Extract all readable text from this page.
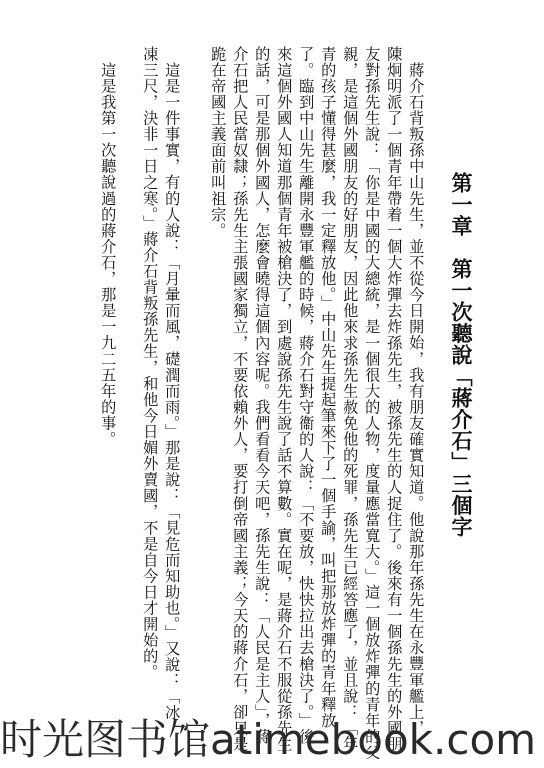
第一章　第一次聽說「蔣介石」三個字
蔣介石背叛孫中山先生，並不從今日開始，我有朋友確實知道。他說那年孫先生在永豐軍艦上，
陳炯明派了一個青年帶着一個大炸彈去炸孫先生，被孫先生的人捉住了。後來有一個孫先生的外國朋
友對孫先生說：「你是中國的大總統，是一個很大的人物，度量應當寬大。」這一個放炸彈的青年的父
親，是這個外國朋友的好朋友，因此他來求孫先生赦免他的死罪，孫先生已經答應了，並且說：「年
青的孩子懂得甚麼，我一定釋放他。」中山先生提起筆來下了一個手諭，叫把那放炸彈的青年釋放
了。臨到中山先生離開永豐軍艦的時候，蔣介石對守衞的人說：「不要放，快快拉出去槍決了。」後
來這個外國人知道那個青年被槍決了，到處說孫先生說了話不算數。實在呢，是蔣介石不服從孫先生
的話，可是那個外國人，怎麼會曉得這個內容呢。我們看看今天吧，孫先生說：「人民是主人」，蔣
介石把人民當奴隸；孫先生主張國家獨立，不要依賴外人，要打倒帝國主義；今天的蔣介石，卻只是
跪在帝國主義面前叫祖宗。
這是一件事實，有的人說：「月暈而風，礎潤而雨。」那是說：「見危而知助也。」又說：「冰
凍三尺，決非一日之寒。」蔣介石背叛孫先生，和他今日媚外賣國，不是自今日才開始的。
這是我第一次聽說過的蔣介石，那是一九二五年的事。
时光图书馆atimebook.com
